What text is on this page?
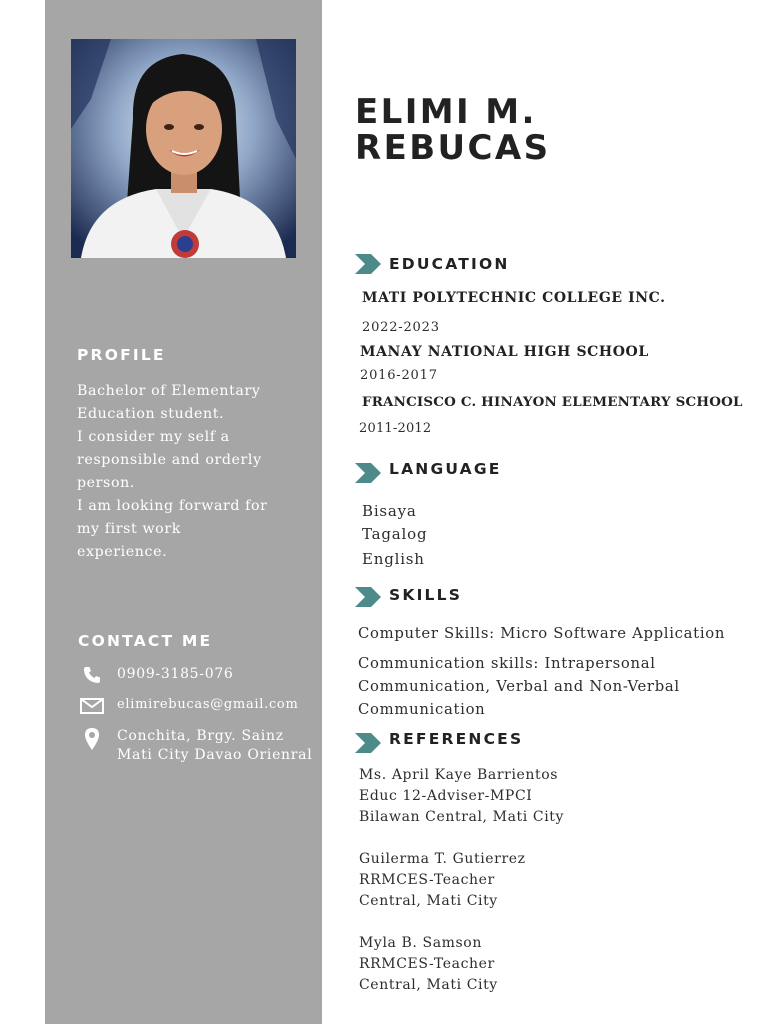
PROFILE
Bachelor of Elementary
Education student.
I consider my self a
responsible and orderly
person.
I am looking forward for
my first work
experience.
CONTACT ME
0909-3185-076
elimirebucas@gmail.com
Conchita, Brgy. Sainz
Mati City Davao Orienral
ELIMI M.
REBUCAS
EDUCATION
MATI POLYTECHNIC COLLEGE INC.
2022-2023
MANAY NATIONAL HIGH SCHOOL
2016-2017
FRANCISCO C. HINAYON ELEMENTARY SCHOOL
2011-2012
LANGUAGE
Bisaya
Tagalog
English
SKILLS
Computer Skills: Micro Software Application
Communication skills: Intrapersonal Communication, Verbal and Non-Verbal Communication
REFERENCES
Ms. April Kaye Barrientos
Educ 12-Adviser-MPCI
Bilawan Central, Mati City
Guilerma T. Gutierrez
RRMCES-Teacher
Central, Mati City
Myla B. Samson
RRMCES-Teacher
Central, Mati City
